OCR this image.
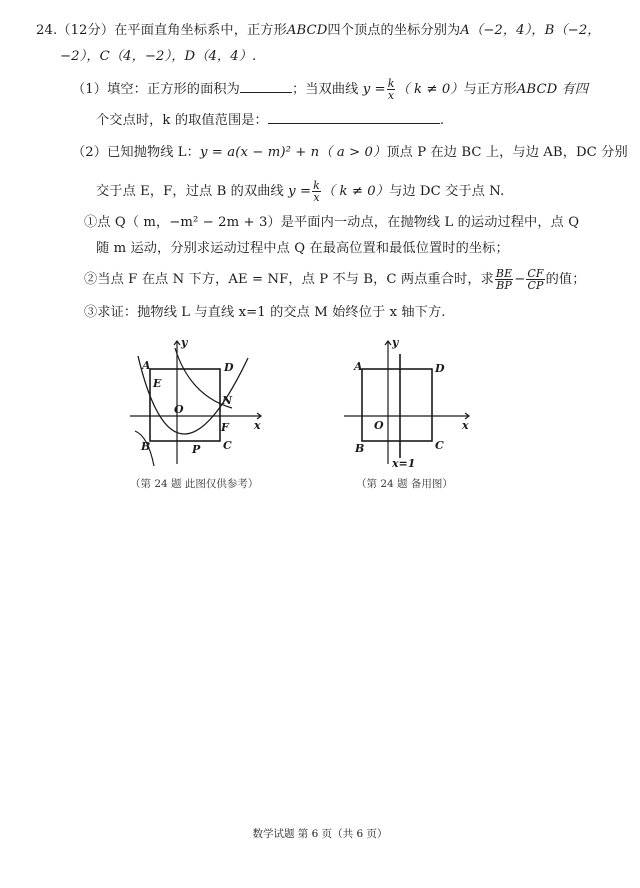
24.（12分）在平面直角坐标系中，正方形ABCD四个顶点的坐标分别为A（−2，4），B（−2，
−2），C（4，−2），D（4，4）.
（1）填空：正方形的面积为	；当双曲线 $y = \frac{k}{x}$ （ k ≠ 0）与正方形ABCD 有四
个交点时，k 的取值范围是：	.
（2）已知抛物线 L：y = a(x − m)² + n（ a > 0）顶点 P 在边 BC 上，与边 AB，DC 分别
交于点 E，F，过点 B 的双曲线 $y = \frac{k}{x}$ （ k ≠ 0）与边 DC 交于点 N.
①点 Q（ m，−m² − 2m + 3）是平面内一动点，在抛物线 L 的运动过程中，点 Q
随 m 运动，分别求运动过程中点 Q 在最高位置和最低位置时的坐标；
②当点 F 在点 N 下方，AE = NF，点 P 不与 B，C 两点重合时，求 $\frac{BE}{BP} - \frac{CF}{CP}$ 的值；
③求证：抛物线 L 与直线 x=1 的交点 M 始终位于 x 轴下方.
y
x
A	D
E
N
O
F
B	P C
（第 24 题 此图仅供参考）
y
x
A	D
O
B	C
x=1
（第 24 题 备用图）
数学试题 第 6 页（共 6 页）
